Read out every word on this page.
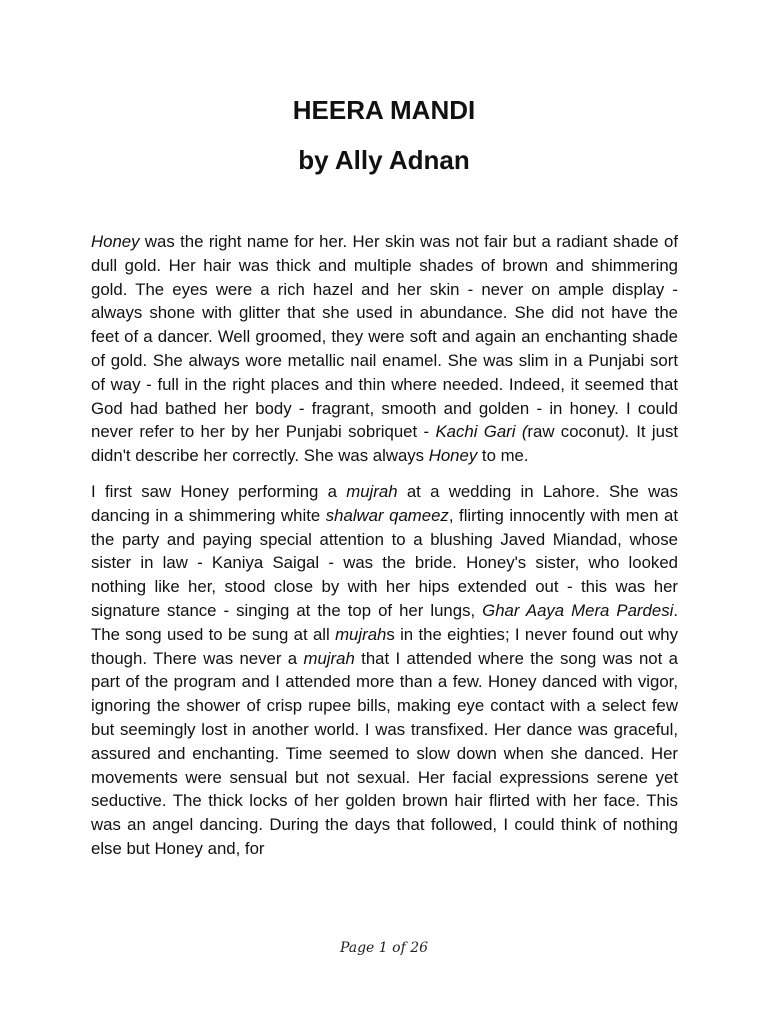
HEERA MANDI
by Ally Adnan

Honey was the right name for her. Her skin was not fair but a radiant shade of dull gold. Her hair was thick and multiple shades of brown and shimmering gold. The eyes were a rich hazel and her skin - never on ample display - always shone with glitter that she used in abundance. She did not have the feet of a dancer. Well groomed, they were soft and again an enchanting shade of gold. She always wore metallic nail enamel. She was slim in a Punjabi sort of way - full in the right places and thin where needed. Indeed, it seemed that God had bathed her body - fragrant, smooth and golden - in honey. I could never refer to her by her Punjabi sobriquet - Kachi Gari (raw coconut). It just didn't describe her correctly. She was always Honey to me.

I first saw Honey performing a mujrah at a wedding in Lahore. She was dancing in a shimmering white shalwar qameez, flirting innocently with men at the party and paying special attention to a blushing Javed Miandad, whose sister in law - Kaniya Saigal - was the bride. Honey's sister, who looked nothing like her, stood close by with her hips extended out - this was her signature stance - singing at the top of her lungs, Ghar Aaya Mera Pardesi. The song used to be sung at all mujrahs in the eighties; I never found out why though. There was never a mujrah that I attended where the song was not a part of the program and I attended more than a few. Honey danced with vigor, ignoring the shower of crisp rupee bills, making eye contact with a select few but seemingly lost in another world. I was transfixed. Her dance was graceful, assured and enchanting. Time seemed to slow down when she danced. Her movements were sensual but not sexual. Her facial expressions serene yet seductive. The thick locks of her golden brown hair flirted with her face. This was an angel dancing. During the days that followed, I could think of nothing else but Honey and, for

Page 1 of 26
